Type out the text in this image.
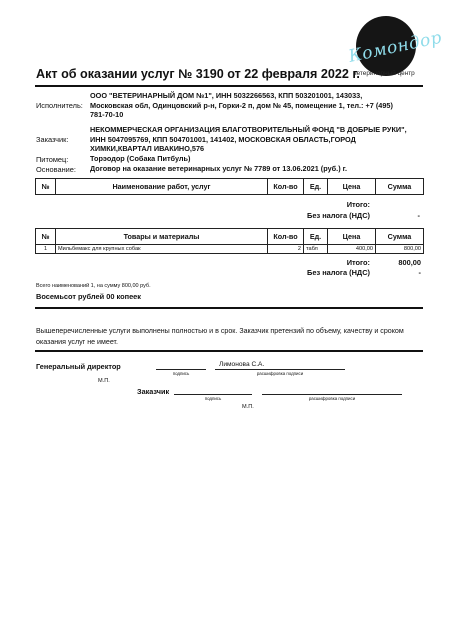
Комондор
ветеринарный центр
Акт об оказании услуг № 3190 от 22 февраля 2022 г.
Исполнитель:
ООО "ВЕТЕРИНАРНЫЙ ДОМ №1", ИНН 5032266563, КПП 503201001, 143033,
Московская обл, Одинцовский р-н, Горки-2 п, дом № 45, помещение 1, тел.: +7 (495)
781-70-10
Заказчик:
НЕКОММЕРЧЕСКАЯ ОРГАНИЗАЦИЯ БЛАГОТВОРИТЕЛЬНЫЙ ФОНД "В ДОБРЫЕ РУКИ",
ИНН 5047095769, КПП 504701001, 141402, МОСКОВСКАЯ ОБЛАСТЬ,ГОРОД
ХИМКИ,КВАРТАЛ ИВАКИНО,576
Питомец:	Торэодор (Собака Питбуль)
Основание: Договор на оказание ветеринарных услуг № 7789 от 13.06.2021 (руб.) г.
№	Наименование работ, услуг	Кол-во	Ед.	Цена	Сумма
Итого:
Без налога (НДС)	-
№	Товары и материалы	Кол-во	Ед.	Цена	Сумма
1	Мильбемакс для крупных собак	2	табл	400,00	800,00
Итого:	800,00
Без налога (НДС)	-
Всего наименований 1, на сумму 800,00 руб.
Восемьсот рублей 00 копеек
Вышеперечисленные услуги выполнены полностью и в срок. Заказчик претензий по объему, качеству и сроком оказания услуг не имеет.
Генеральный директор	Лимонова С.А.
подпись	расшифровка подписи
М.П.
Заказчик
подпись	расшифровка подписи
М.П.
